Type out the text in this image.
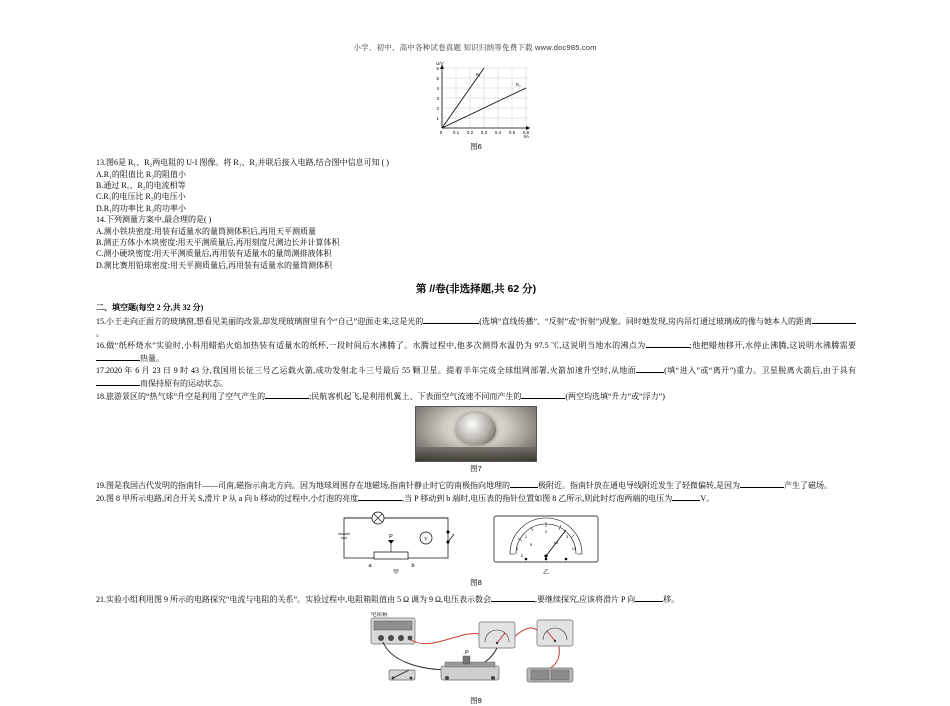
小学、初中、高中各种试卷真题 知识归纳等免费下载 www.doc985.com
6
5
4
3
2
1
0 0.1 0.2 0.3 0.4 0.5 0.6
U/V
I/A
R₁
R₂
图6

13.图6是 R₁、R₂两电阻的 U-I 图像。将 R₁、R₂并联后接入电路,结合图中信息可知 ( )

A.R₁的阻值比 R₂的阻值小

B.通过 R₁、R₂的电流相等

C.R₁的电压比 R₂的电压小

D.R₁的功率比 R₂的功率小

14.下列测量方案中,最合理的是( )

A.测小铁块密度:用装有适量水的量筒测体积后,再用天平测质量

B.测正方体小木块密度:用天平测质量后,再用刻度尺测边长并计算体积

C.测小硬块密度:用天平测质量后,再用装有适量水的量筒测排液体积

D.测比赛用铅球密度:用天平测质量后,再用装有适量水的量筒测体积

第 //卷(非选择题,共 62 分)
二、填空题(每空 2 分,共 32 分)

15.小王走向正面方的玻璃窗,想看见美丽的改景,却发现玻璃窗里有个“自己”迎面走来,这是光的	(选填“直线传播”、“反射”或“折射”)现象。同时她发现,房内吊灯通过玻璃成的像与她本人的距离。

16.做“纸杯烧水”实验时,小科用蜡焰火焰加热装有适量水的纸杯,一段时间后水沸腾了。水腾过程中,他多次测得水温仍为 97.5 ℃,这说明当地水的沸点为	;他把蜡烛移开,水停止沸腾,这说明水沸腾需要热量。

17.2020 年 6 月 23 日 9 时 43 分,我国用长征三号乙运载火箭,成功发射北斗三号最后 55 颗卫星。提着半年完成全球组网部署,火箭加速升空时,从地面	(填“进入”或“离开”)重力。卫星脱离火箭后,由于具有而保持原有的运动状态。

18.旅游景区的“热气球”升空是利用了空气产生的	;民航客机起飞,是利用机翼上、下表面空气流速不同而产生的	(两空均选填“升力”或“浮力”)

图7

19.图是我国古代发明的指南针——司南,磁指示南北方向。因为地球周围存在地磁场,指南针静止时它的南极指向地理的	极附近。指南针放在通电导线附近发生了轻微偏转,是因为	产生了磁场。

20.图 8 甲所示电路,闭合开关 S,滑片 P 从 a 向 b 移动的过程中,小灯泡的亮度	,当 P 移动到 b 端时,电压表的指针位置如图 8 乙所示,则此时灯泡两端的电压为	V。

a
P
b
V
甲
0
1
2
3
0
5	10
15
乙
图8

21.实验小组利用图 9 所示的电路探究“电流与电阻的关系”。实验过程中,电阻箱阻值由 5 Ω 调为 9 Ω,电压表示数会	,要继续探究,应该将滑片 P 向	移。

电阻箱
P
图9
